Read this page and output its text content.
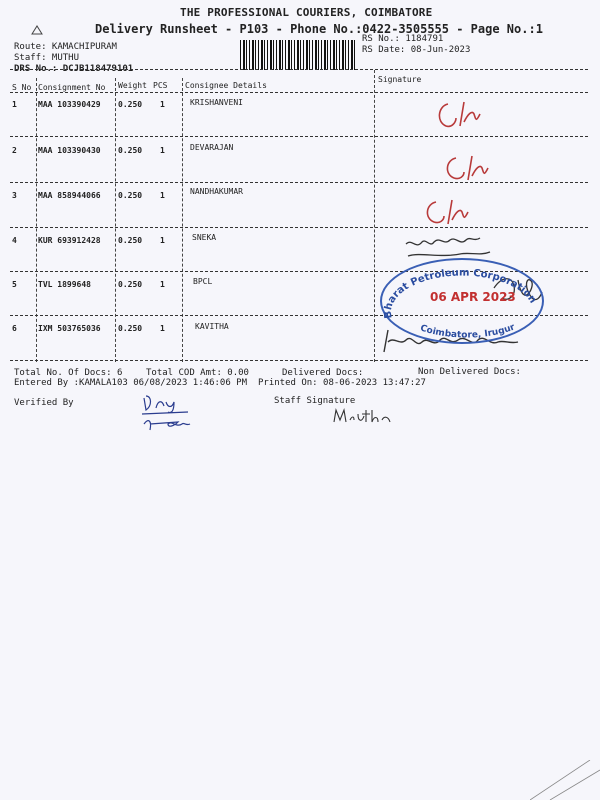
THE PROFESSIONAL COURIERS, COIMBATORE
Delivery Runsheet - P103 - Phone No.:0422-3505555 - Page No.:1
Route: KAMACHIPURAM
Staff: MUTHU
DRS No.: DCJB118479101
RS No.: 1184791
RS Date: 08-Jun-2023
S No Consignment No Weight PCS Consignee Details
Signature
1	MAA 103390429 0.250 1	KRISHANVENI
2	MAA 103390430 0.250 1	DEVARAJAN
3	MAA 858944066 0.250 1	NANDHAKUMAR
4	KUR 693912428 0.250 1	SNEKA
5	TVL 1899648	0.250 1	BPCL
6	IXM 503765036 0.250 1	KAVITHA
Bharat Petroleum Corporation
Coimbatore, Irugur
06 APR 2023
Total No. Of Docs: 6	Total COD Amt: 0.00	Delivered Docs:	Non Delivered Docs:
Entered By :KAMALA103 06/08/2023 1:46:06 PM Printed On: 08-06-2023 13:47:27
Verified By	Staff Signature
